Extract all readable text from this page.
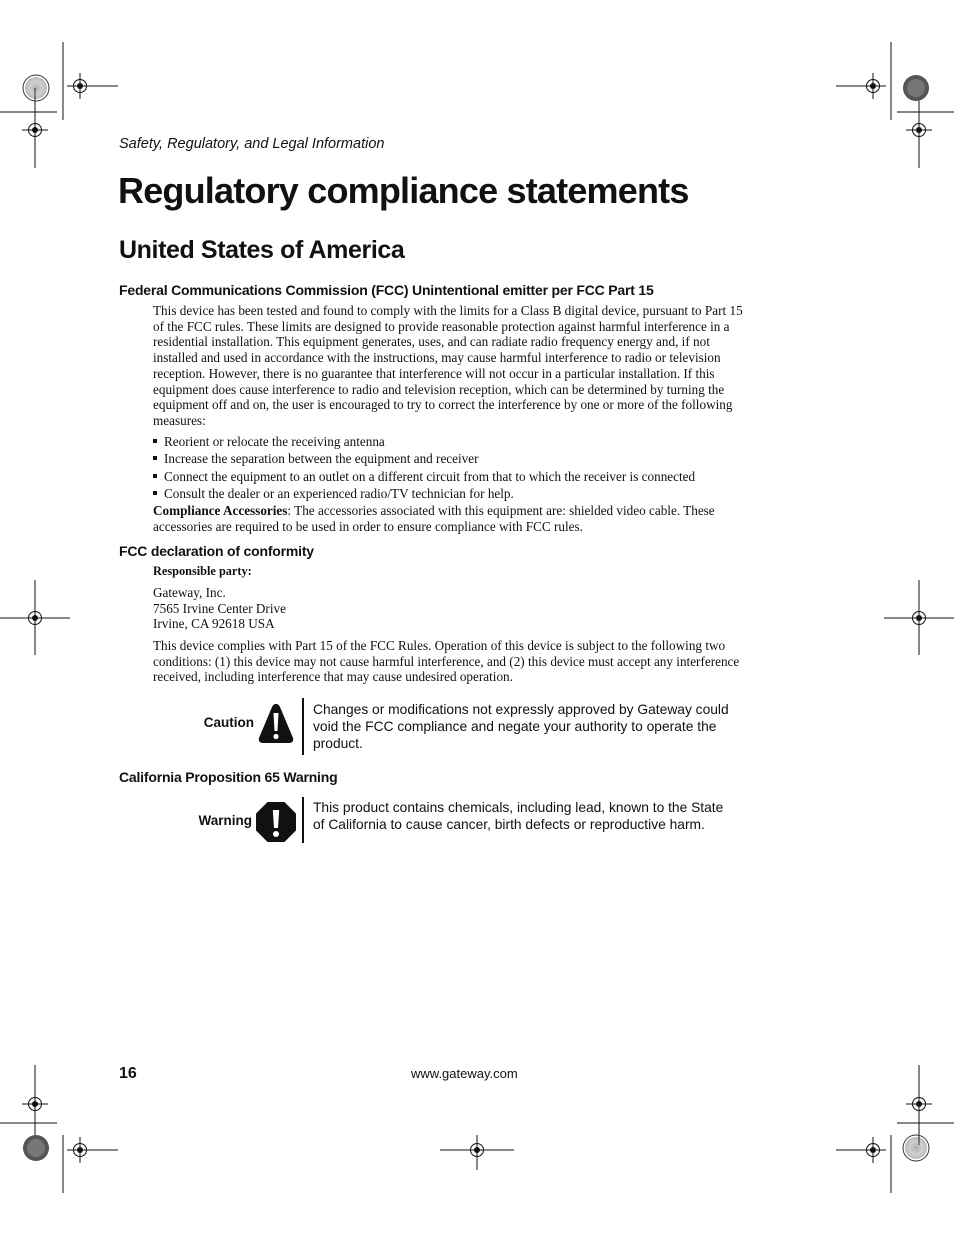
Safety, Regulatory, and Legal Information
Regulatory compliance statements
United States of America
Federal Communications Commission (FCC) Unintentional emitter per FCC Part 15
This device has been tested and found to comply with the limits for a Class B digital device, pursuant to Part 15
of the FCC rules. These limits are designed to provide reasonable protection against harmful interference in a
residential installation. This equipment generates, uses, and can radiate radio frequency energy and, if not
installed and used in accordance with the instructions, may cause harmful interference to radio or television
reception. However, there is no guarantee that interference will not occur in a particular installation. If this
equipment does cause interference to radio and television reception, which can be determined by turning the
equipment off and on, the user is encouraged to try to correct the interference by one or more of the following
measures:
Reorient or relocate the receiving antenna
Increase the separation between the equipment and receiver
Connect the equipment to an outlet on a different circuit from that to which the receiver is connected
Consult the dealer or an experienced radio/TV technician for help.
Compliance Accessories: The accessories associated with this equipment are: shielded video cable. These
accessories are required to be used in order to ensure compliance with FCC rules.
FCC declaration of conformity
Responsible party:
Gateway, Inc.
7565 Irvine Center Drive
Irvine, CA 92618 USA
This device complies with Part 15 of the FCC Rules. Operation of this device is subject to the following two
conditions: (1) this device may not cause harmful interference, and (2) this device must accept any interference
received, including interference that may cause undesired operation.
Caution
Changes or modifications not expressly approved by Gateway could
void the FCC compliance and negate your authority to operate the
product.
California Proposition 65 Warning
Warning
This product contains chemicals, including lead, known to the State
of California to cause cancer, birth defects or reproductive harm.
16	www.gateway.com
